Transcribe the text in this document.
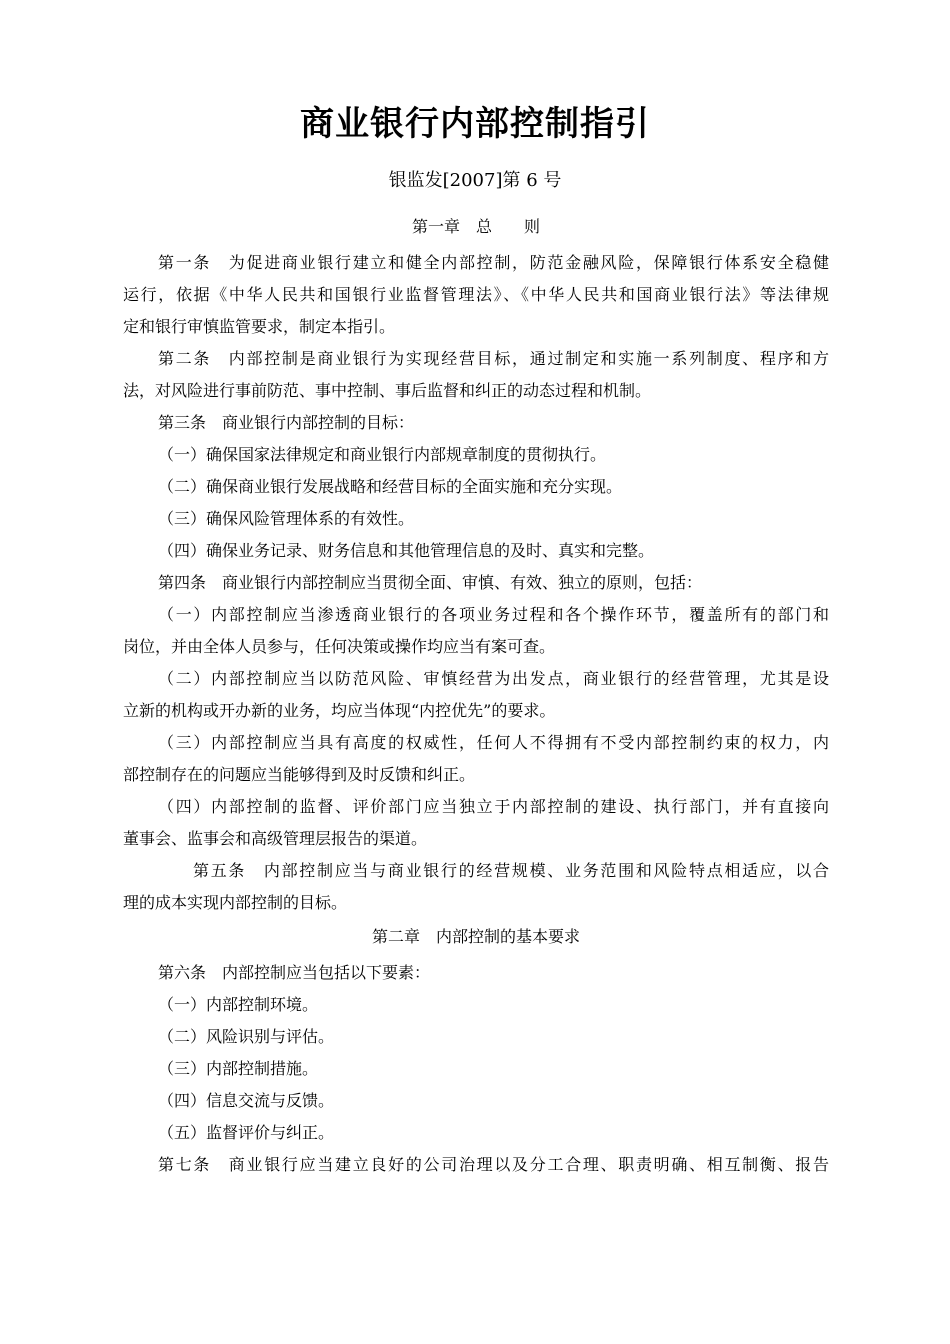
商业银行内部控制指引
银监发[2007]第 6 号
第一章　总　　则
第一条　为促进商业银行建立和健全内部控制，防范金融风险，保障银行体系安全稳健
运行，依据《中华人民共和国银行业监督管理法》、《中华人民共和国商业银行法》等法律规
定和银行审慎监管要求，制定本指引。
第二条　内部控制是商业银行为实现经营目标，通过制定和实施一系列制度、程序和方
法，对风险进行事前防范、事中控制、事后监督和纠正的动态过程和机制。
第三条　商业银行内部控制的目标：
（一）确保国家法律规定和商业银行内部规章制度的贯彻执行。
（二）确保商业银行发展战略和经营目标的全面实施和充分实现。
（三）确保风险管理体系的有效性。
（四）确保业务记录、财务信息和其他管理信息的及时、真实和完整。
第四条　商业银行内部控制应当贯彻全面、审慎、有效、独立的原则，包括：
（一）内部控制应当渗透商业银行的各项业务过程和各个操作环节，覆盖所有的部门和
岗位，并由全体人员参与，任何决策或操作均应当有案可查。
（二）内部控制应当以防范风险、审慎经营为出发点，商业银行的经营管理，尤其是设
立新的机构或开办新的业务，均应当体现“内控优先”的要求。
（三）内部控制应当具有高度的权威性，任何人不得拥有不受内部控制约束的权力，内
部控制存在的问题应当能够得到及时反馈和纠正。
（四）内部控制的监督、评价部门应当独立于内部控制的建设、执行部门，并有直接向
董事会、监事会和高级管理层报告的渠道。
第五条　内部控制应当与商业银行的经营规模、业务范围和风险特点相适应，以合
理的成本实现内部控制的目标。
第二章　内部控制的基本要求
第六条　内部控制应当包括以下要素：
（一）内部控制环境。
（二）风险识别与评估。
（三）内部控制措施。
（四）信息交流与反馈。
（五）监督评价与纠正。
第七条　商业银行应当建立良好的公司治理以及分工合理、职责明确、相互制衡、报告
